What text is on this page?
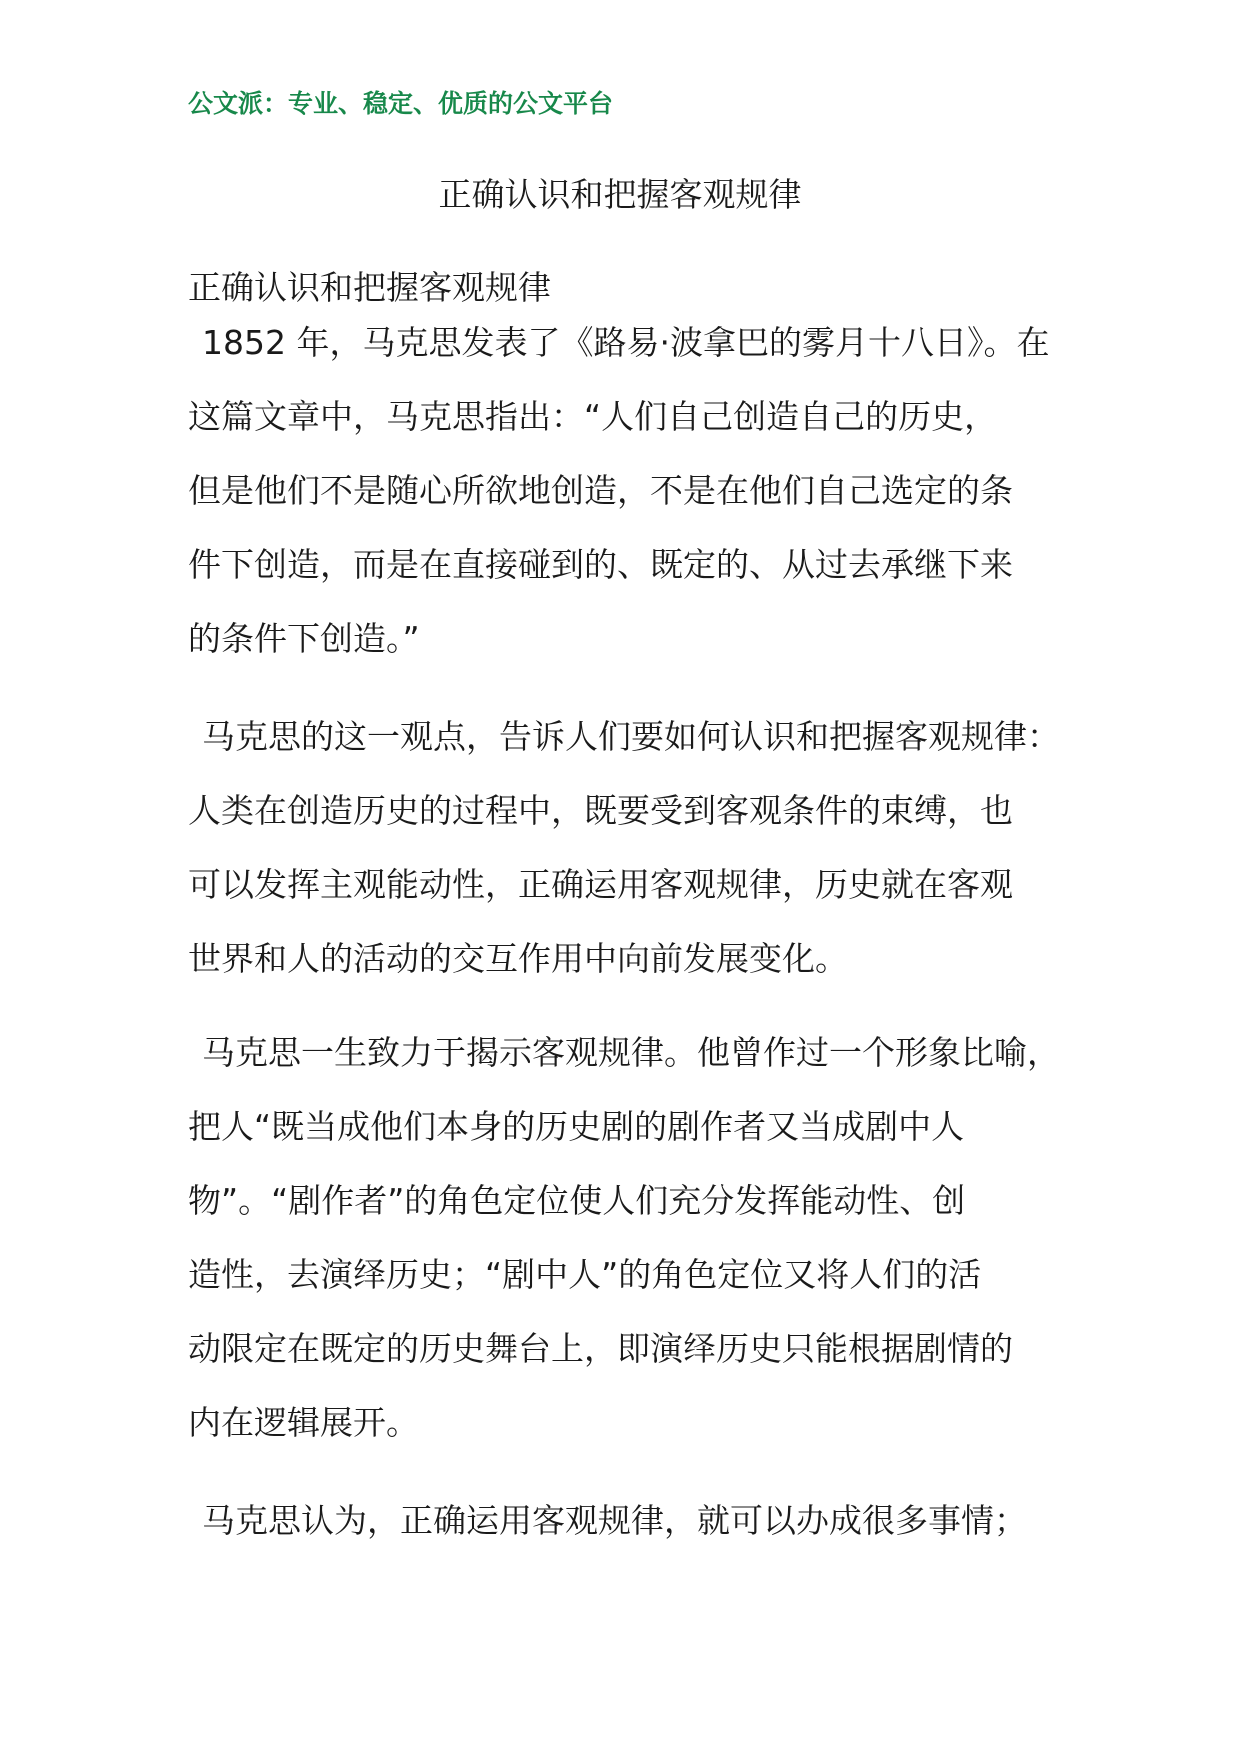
公文派：专业、稳定、优质的公文平台
正确认识和把握客观规律
正确认识和把握客观规律
1852 年，马克思发表了《路易·波拿巴的雾月十八日》。在
这篇文章中，马克思指出：“人们自己创造自己的历史，
但是他们不是随心所欲地创造，不是在他们自己选定的条
件下创造，而是在直接碰到的、既定的、从过去承继下来
的条件下创造。”
马克思的这一观点，告诉人们要如何认识和把握客观规律：
人类在创造历史的过程中，既要受到客观条件的束缚，也
可以发挥主观能动性，正确运用客观规律，历史就在客观
世界和人的活动的交互作用中向前发展变化。
马克思一生致力于揭示客观规律。他曾作过一个形象比喻，
把人“既当成他们本身的历史剧的剧作者又当成剧中人
物”。“剧作者”的角色定位使人们充分发挥能动性、创
造性，去演绎历史；“剧中人”的角色定位又将人们的活
动限定在既定的历史舞台上，即演绎历史只能根据剧情的
内在逻辑展开。
马克思认为，正确运用客观规律，就可以办成很多事情；
